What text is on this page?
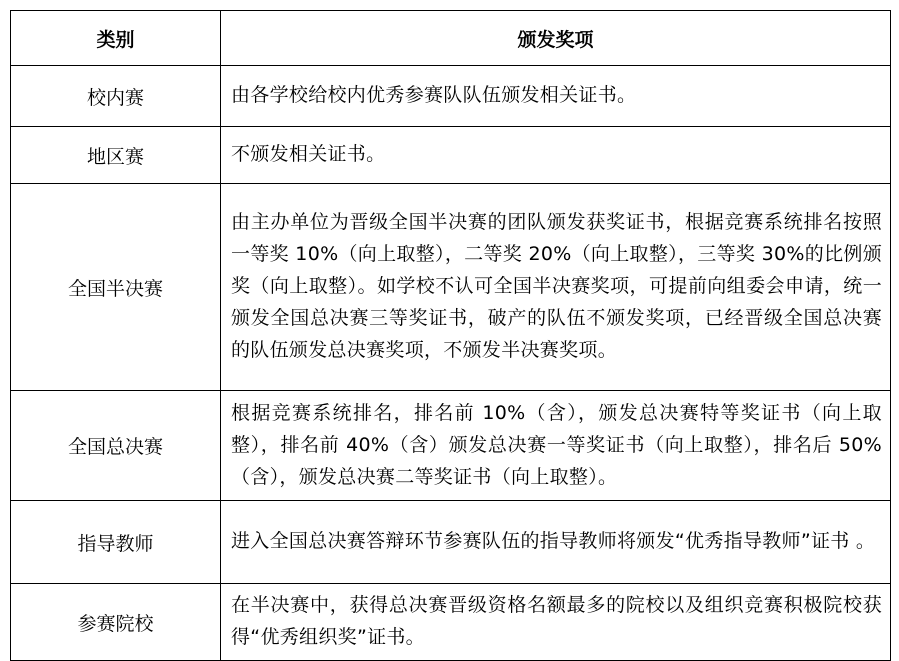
类别	颁发奖项
校内赛	由各学校给校内优秀参赛队队伍颁发相关证书。
地区赛	不颁发相关证书。
全国半决赛	由主办单位为晋级全国半决赛的团队颁发获奖证书，根据竞赛系统排名按照一等奖 10%（向上取整），二等奖 20%（向上取整），三等奖 30%的比例颁奖（向上取整）。如学校不认可全国半决赛奖项，可提前向组委会申请，统一颁发全国总决赛三等奖证书，破产的队伍不颁发奖项，已经晋级全国总决赛的队伍颁发总决赛奖项，不颁发半决赛奖项。
全国总决赛	根据竞赛系统排名，排名前 10%（含），颁发总决赛特等奖证书（向上取整），排名前 40%（含）颁发总决赛一等奖证书（向上取整），排名后 50%（含），颁发总决赛二等奖证书（向上取整）。
指导教师	进入全国总决赛答辩环节参赛队伍的指导教师将颁发“优秀指导教师”证书 。
参赛院校	在半决赛中，获得总决赛晋级资格名额最多的院校以及组织竞赛积极院校获得“优秀组织奖”证书。
